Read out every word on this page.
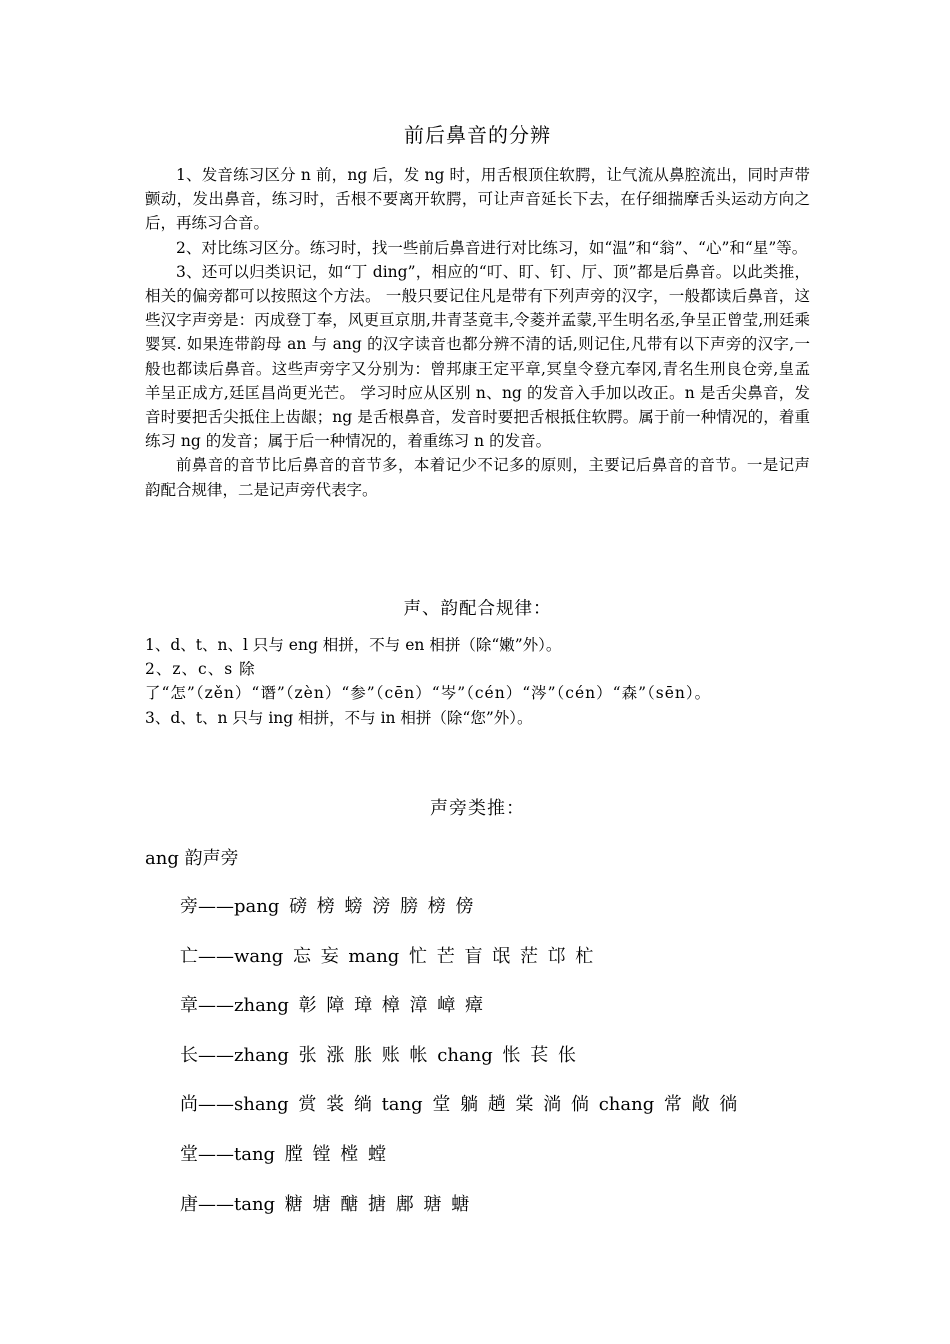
前后鼻音的分辨

1、发音练习区分 n 前，ng 后，发 ng 时，用舌根顶住软腭，让气流从鼻腔流出，同时声带颤动，发出鼻音，练习时，舌根不要离开软腭，可让声音延长下去，在仔细揣摩舌头运动方向之后，再练习合音。

2、对比练习区分。练习时，找一些前后鼻音进行对比练习，如“温”和“翁”、“心”和“星”等。

3、还可以归类识记，如“丁 ding”，相应的“叮、盯、钉、厅、顶”都是后鼻音。以此类推，相关的偏旁都可以按照这个方法。 一般只要记住凡是带有下列声旁的汉字，一般都读后鼻音，这些汉字声旁是：丙成登丁奉，风更亘京朋,井青茎竟丰,令菱并孟蒙,平生明名丞,争呈正曾莹,刑廷乘婴冥. 如果连带韵母 an 与 ang 的汉字读音也都分辨不清的话,则记住,凡带有以下声旁的汉字,一般也都读后鼻音。这些声旁字又分别为：曾邦康王定平章,冥皇令登亢奉冈,青名生刑良仓旁,皇孟羊呈正成方,廷匡昌尚更光芒。 学习时应从区别 n、ng 的发音入手加以改正。n 是舌尖鼻音，发音时要把舌尖抵住上齿龈；ng 是舌根鼻音，发音时要把舌根抵住软腭。属于前一种情况的，着重练习 ng 的发音；属于后一种情况的，着重练习 n 的发音。

前鼻音的音节比后鼻音的音节多，本着记少不记多的原则，主要记后鼻音的音节。一是记声韵配合规律，二是记声旁代表字。

声、韵配合规律：

1、d、t、n、l 只与 eng 相拼，不与 en 相拼（除“嫩”外）。

2、z、c、s 除了“怎”（zěn）“谮”（zèn）“参”（cēn）“岑”（cén）“涔”（cén）“森”（sēn）。

3、d、t、n 只与 ing 相拼，不与 in 相拼（除“您”外）。

声旁类推：
ang 韵声旁
旁——pang 磅 榜 螃 滂 膀 榜 傍
亡——wang 忘 妄 mang 忙 芒 盲 氓 茫 邙 杧
章——zhang 彰 障 璋 樟 漳 嶂 瘴
长——zhang 张 涨 胀 账 帐 chang 怅 苌 伥
尚——shang 赏 裳 绱 tang 堂 躺 趟 棠 淌 倘 chang 常 敞 徜
堂——tang 膛 镗 樘 螳
唐——tang 糖 塘 醣 搪 鄌 瑭 螗
